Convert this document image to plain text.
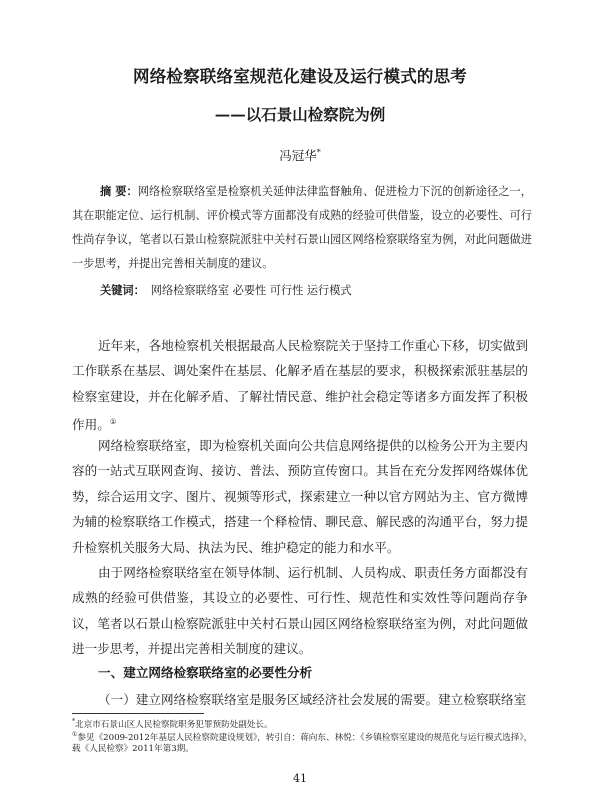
网络检察联络室规范化建设及运行模式的思考
——以石景山检察院为例

冯冠华*

摘 要：网络检察联络室是检察机关延伸法律监督触角、促进检力下沉的创新途径之一，其在职能定位、运行机制、评价模式等方面都没有成熟的经验可供借鉴，设立的必要性、可行性尚存争议，笔者以石景山检察院派驻中关村石景山园区网络检察联络室为例，对此问题做进一步思考，并提出完善相关制度的建议。

关键词： 网络检察联络室 必要性 可行性 运行模式

近年来，各地检察机关根据最高人民检察院关于坚持工作重心下移，切实做到工作联系在基层、调处案件在基层、化解矛盾在基层的要求，积极探索派驻基层的检察室建设，并在化解矛盾、了解社情民意、维护社会稳定等诸多方面发挥了积极作用。①

网络检察联络室，即为检察机关面向公共信息网络提供的以检务公开为主要内容的一站式互联网查询、接访、普法、预防宣传窗口。其旨在充分发挥网络媒体优势，综合运用文字、图片、视频等形式，探索建立一种以官方网站为主、官方微博为辅的检察联络工作模式，搭建一个释检情、聊民意、解民惑的沟通平台，努力提升检察机关服务大局、执法为民、维护稳定的能力和水平。

由于网络检察联络室在领导体制、运行机制、人员构成、职责任务方面都没有成熟的经验可供借鉴，其设立的必要性、可行性、规范性和实效性等问题尚存争议，笔者以石景山检察院派驻中关村石景山园区网络检察联络室为例，对此问题做进一步思考，并提出完善相关制度的建议。

一、建立网络检察联络室的必要性分析

（一）建立网络检察联络室是服务区域经济社会发展的需要。建立检察联络室

*北京市石景山区人民检察院职务犯罪预防处副处长。

①参见《2009-2012年基层人民检察院建设规划》，转引自：蒋向东、林悦：《乡镇检察室建设的规范化与运行模式选择》，载《人民检察》2011年第3期。

41
